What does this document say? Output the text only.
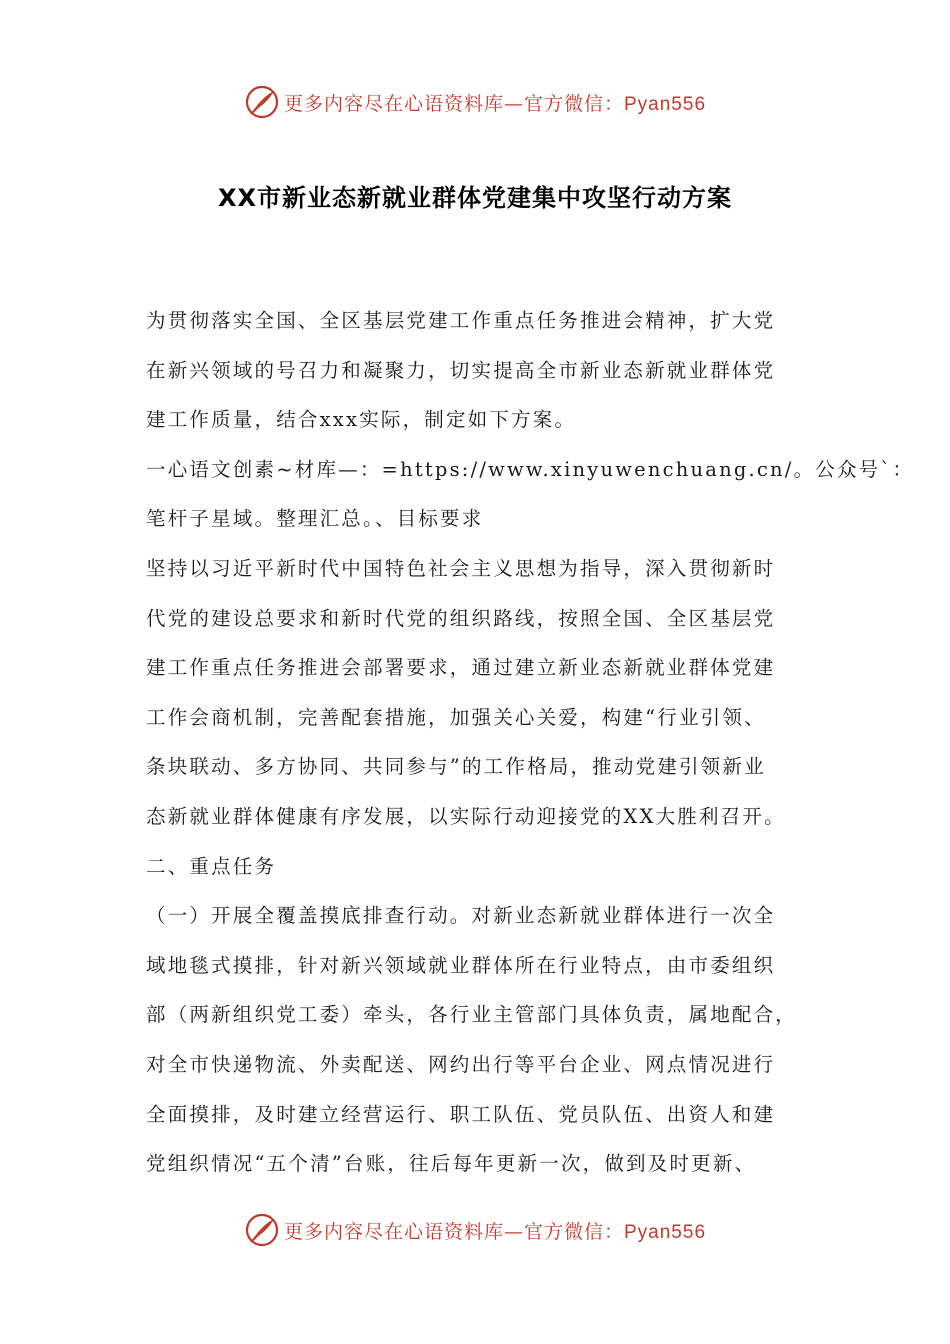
更多内容尽在心语资料库—官方微信：Pyan556
XX市新业态新就业群体党建集中攻坚行动方案

为贯彻落实全国、全区基层党建工作重点任务推进会精神，扩大党

在新兴领域的号召力和凝聚力，切实提高全市新业态新就业群体党

建工作质量，结合xxx实际，制定如下方案。

一心语文创素~材库—：=https://www.xinyuwenchuang.cn/。公众号`：

笔杆子星域。整理汇总。、目标要求

坚持以习近平新时代中国特色社会主义思想为指导，深入贯彻新时

代党的建设总要求和新时代党的组织路线，按照全国、全区基层党

建工作重点任务推进会部署要求，通过建立新业态新就业群体党建

工作会商机制，完善配套措施，加强关心关爱，构建“行业引领、

条块联动、多方协同、共同参与”的工作格局，推动党建引领新业

态新就业群体健康有序发展，以实际行动迎接党的XX大胜利召开。

二、重点任务

（一）开展全覆盖摸底排查行动。对新业态新就业群体进行一次全

域地毯式摸排，针对新兴领域就业群体所在行业特点，由市委组织

部（两新组织党工委）牵头，各行业主管部门具体负责，属地配合，

对全市快递物流、外卖配送、网约出行等平台企业、网点情况进行

全面摸排，及时建立经营运行、职工队伍、党员队伍、出资人和建

党组织情况“五个清”台账，往后每年更新一次，做到及时更新、

更多内容尽在心语资料库—官方微信：Pyan556
